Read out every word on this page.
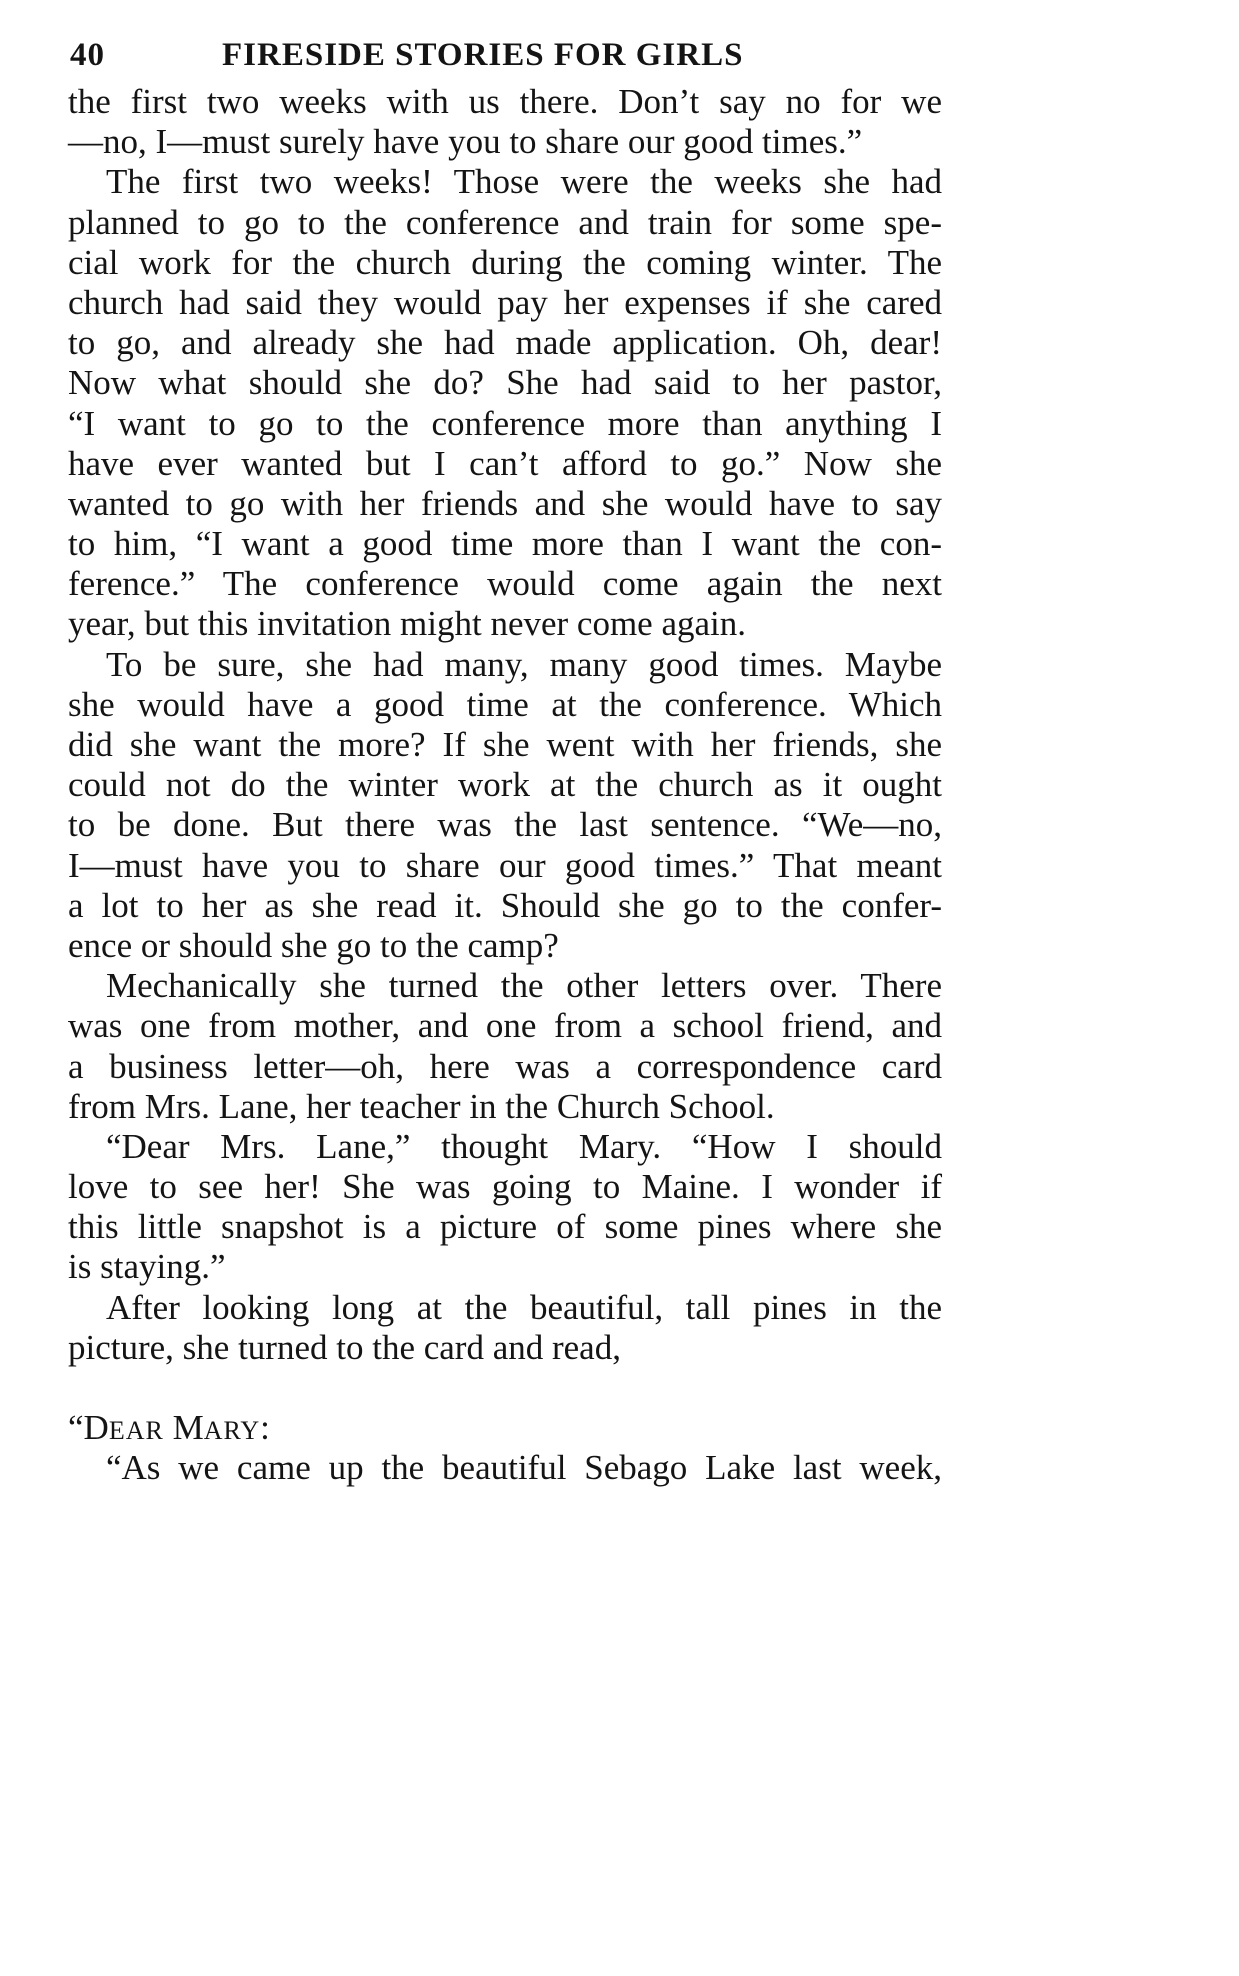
40	FIRESIDE STORIES FOR GIRLS
the first two weeks with us there. Don’t say no for we
—no, I—must surely have you to share our good times.”
The first two weeks! Those were the weeks she had
planned to go to the conference and train for some spe-
cial work for the church during the coming winter. The
church had said they would pay her expenses if she cared
to go, and already she had made application. Oh, dear!
Now what should she do? She had said to her pastor,
“I want to go to the conference more than anything I
have ever wanted but I can’t afford to go.” Now she
wanted to go with her friends and she would have to say
to him, “I want a good time more than I want the con-
ference.” The conference would come again the next
year, but this invitation might never come again.
To be sure, she had many, many good times. Maybe
she would have a good time at the conference. Which
did she want the more? If she went with her friends, she
could not do the winter work at the church as it ought
to be done. But there was the last sentence. “We—no,
I—must have you to share our good times.” That meant
a lot to her as she read it. Should she go to the confer-
ence or should she go to the camp?
Mechanically she turned the other letters over. There
was one from mother, and one from a school friend, and
a business letter—oh, here was a correspondence card
from Mrs. Lane, her teacher in the Church School.
“Dear Mrs. Lane,” thought Mary. “How I should
love to see her! She was going to Maine. I wonder if
this little snapshot is a picture of some pines where she
is staying.”
After looking long at the beautiful, tall pines in the
picture, she turned to the card and read,
“DEAR MARY:
“As we came up the beautiful Sebago Lake last week,
